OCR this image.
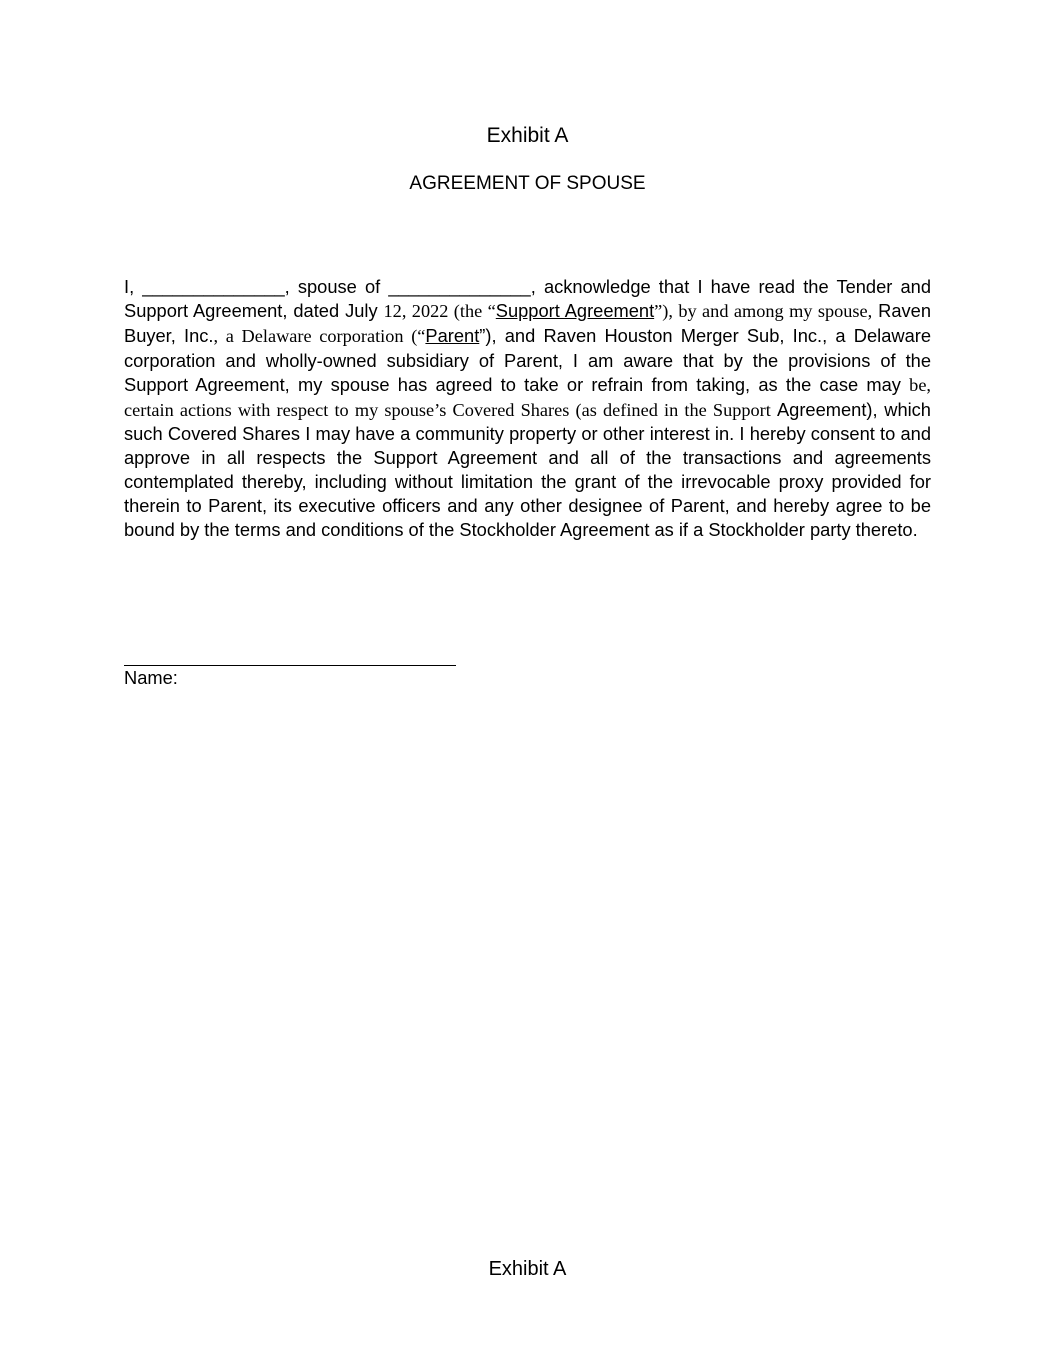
Exhibit A
AGREEMENT OF SPOUSE

I, ______________, spouse of ______________, acknowledge that I have read the Tender and Support Agreement, dated July 12, 2022 (the “Support Agreement”), by and among my spouse, Raven Buyer, Inc., a Delaware corporation (“Parent”), and Raven Houston Merger Sub, Inc., a Delaware corporation and wholly-owned subsidiary of Parent, I am aware that by the provisions of the Support Agreement, my spouse has agreed to take or refrain from taking, as the case may be, certain actions with respect to my spouse’s Covered Shares (as defined in the Support Agreement), which such Covered Shares I may have a community property or other interest in. I hereby consent to and approve in all respects the Support Agreement and all of the transactions and agreements contemplated thereby, including without limitation the grant of the irrevocable proxy provided for therein to Parent, its executive officers and any other designee of Parent, and hereby agree to be bound by the terms and conditions of the Stockholder Agreement as if a Stockholder party thereto.

Name:
Exhibit A
